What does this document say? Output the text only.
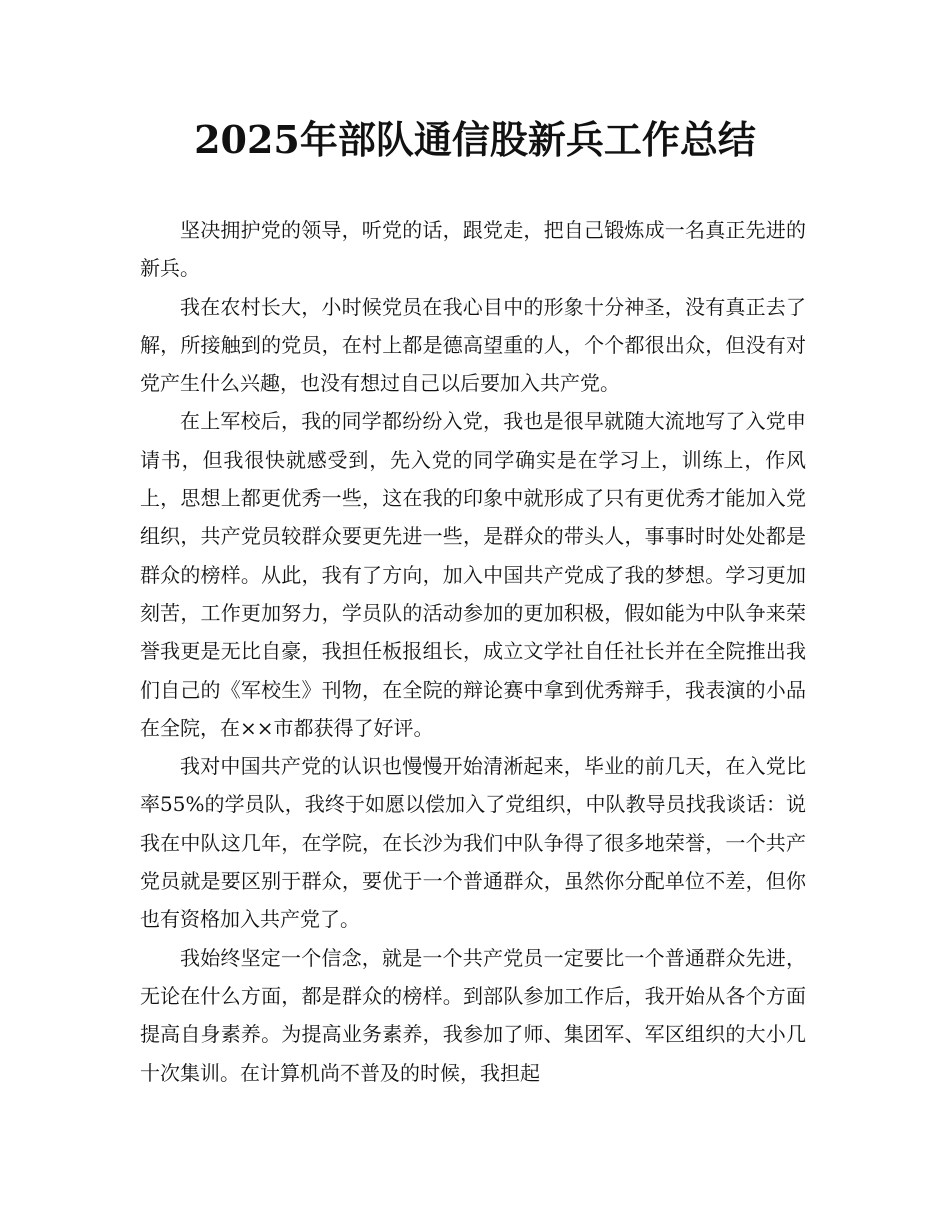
2025年部队通信股新兵工作总结

坚决拥护党的领导，听党的话，跟党走，把自己锻炼成一名真正先进的新兵。

我在农村长大，小时候党员在我心目中的形象十分神圣，没有真正去了解，所接触到的党员，在村上都是德高望重的人，个个都很出众，但没有对党产生什么兴趣，也没有想过自己以后要加入共产党。

在上军校后，我的同学都纷纷入党，我也是很早就随大流地写了入党申请书，但我很快就感受到，先入党的同学确实是在学习上，训练上，作风上，思想上都更优秀一些，这在我的印象中就形成了只有更优秀才能加入党组织，共产党员较群众要更先进一些，是群众的带头人，事事时时处处都是群众的榜样。从此，我有了方向，加入中国共产党成了我的梦想。学习更加刻苦，工作更加努力，学员队的活动参加的更加积极，假如能为中队争来荣誉我更是无比自豪，我担任板报组长，成立文学社自任社长并在全院推出我们自己的《军校生》刊物，在全院的辩论赛中拿到优秀辩手，我表演的小品在全院，在××市都获得了好评。

我对中国共产党的认识也慢慢开始清淅起来，毕业的前几天，在入党比率55%的学员队，我终于如愿以偿加入了党组织，中队教导员找我谈话：说我在中队这几年，在学院，在长沙为我们中队争得了很多地荣誉，一个共产党员就是要区别于群众，要优于一个普通群众，虽然你分配单位不差，但你也有资格加入共产党了。

我始终坚定一个信念，就是一个共产党员一定要比一个普通群众先进，无论在什么方面，都是群众的榜样。到部队参加工作后，我开始从各个方面提高自身素养。为提高业务素养，我参加了师、集团军、军区组织的大小几十次集训。在计算机尚不普及的时候，我担起
